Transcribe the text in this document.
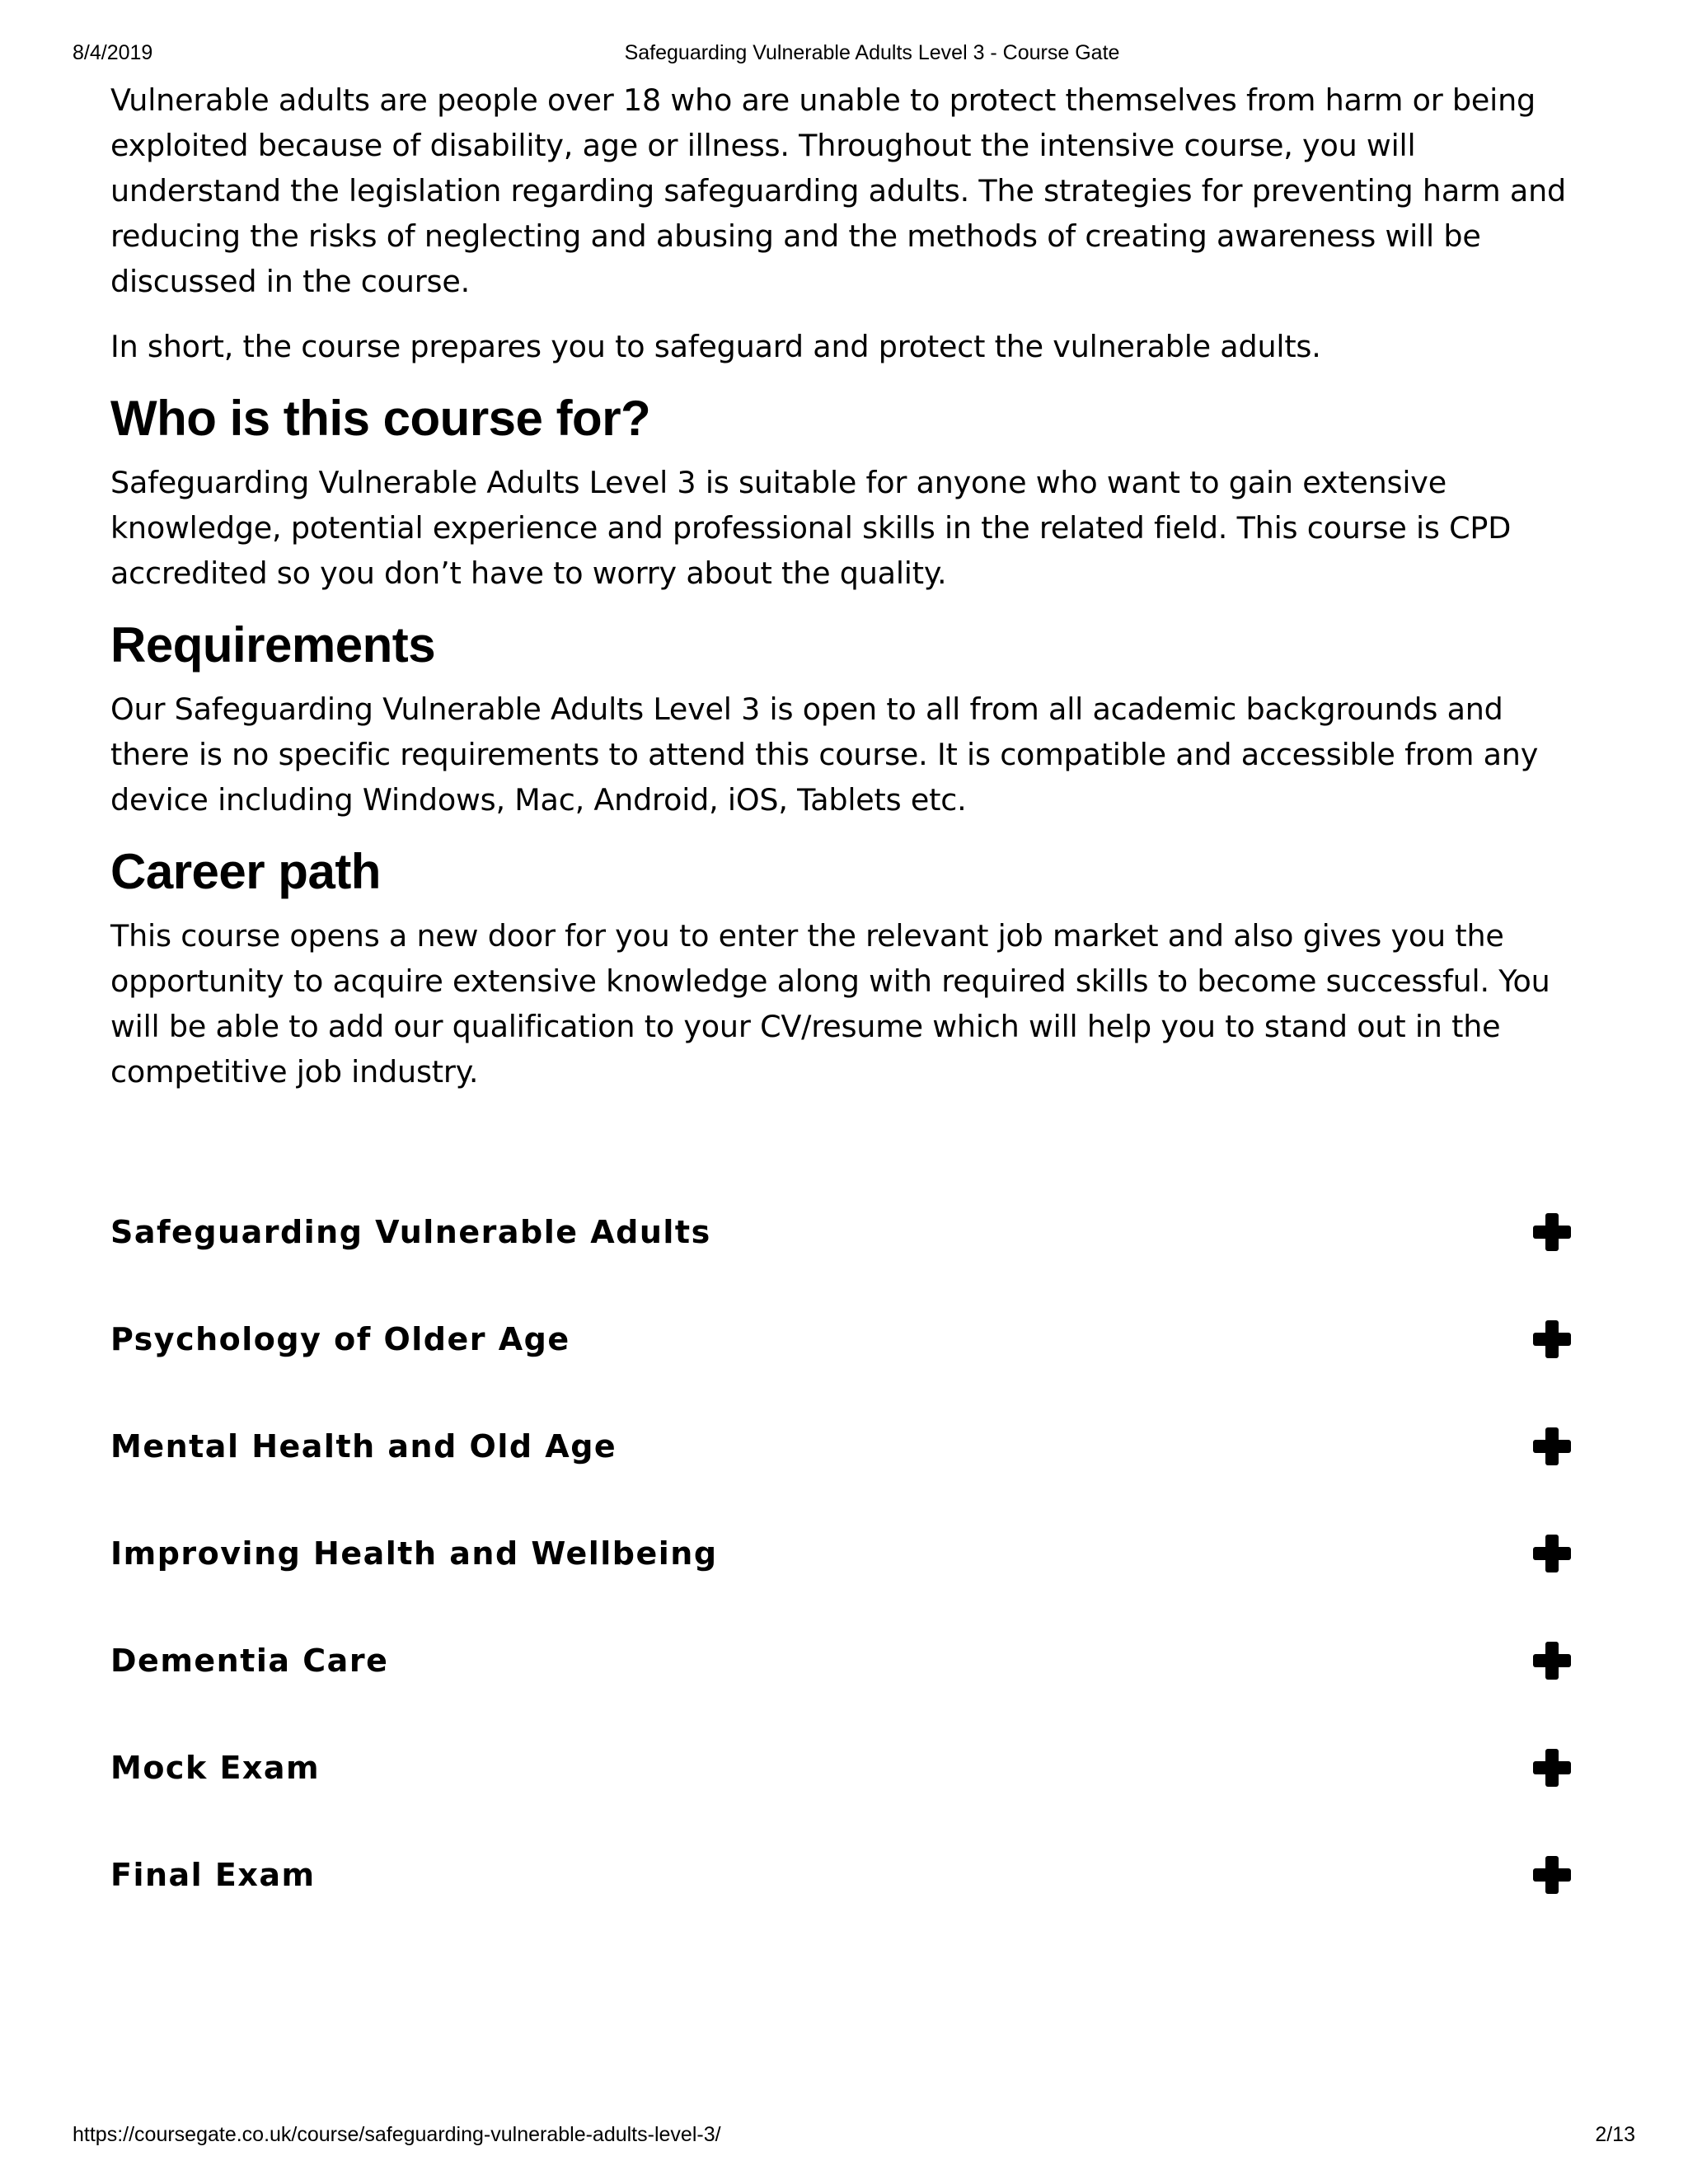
8/4/2019	Safeguarding Vulnerable Adults Level 3 - Course Gate

Vulnerable adults are people over 18 who are unable to protect themselves from harm or being exploited because of disability, age or illness. Throughout the intensive course, you will understand the legislation regarding safeguarding adults. The strategies for preventing harm and reducing the risks of neglecting and abusing and the methods of creating awareness will be discussed in the course.

In short, the course prepares you to safeguard and protect the vulnerable adults.

Who is this course for?

Safeguarding Vulnerable Adults Level 3 is suitable for anyone who want to gain extensive knowledge, potential experience and professional skills in the related field. This course is CPD accredited so you don’t have to worry about the quality.

Requirements

Our Safeguarding Vulnerable Adults Level 3 is open to all from all academic backgrounds and there is no specific requirements to attend this course. It is compatible and accessible from any device including Windows, Mac, Android, iOS, Tablets etc.

Career path

This course opens a new door for you to enter the relevant job market and also gives you the opportunity to acquire extensive knowledge along with required skills to become successful. You will be able to add our qualification to your CV/resume which will help you to stand out in the competitive job industry.

Safeguarding Vulnerable Adults
Psychology of Older Age
Mental Health and Old Age
Improving Health and Wellbeing
Dementia Care
Mock Exam
Final Exam
https://coursegate.co.uk/course/safeguarding-vulnerable-adults-level-3/	2/13
